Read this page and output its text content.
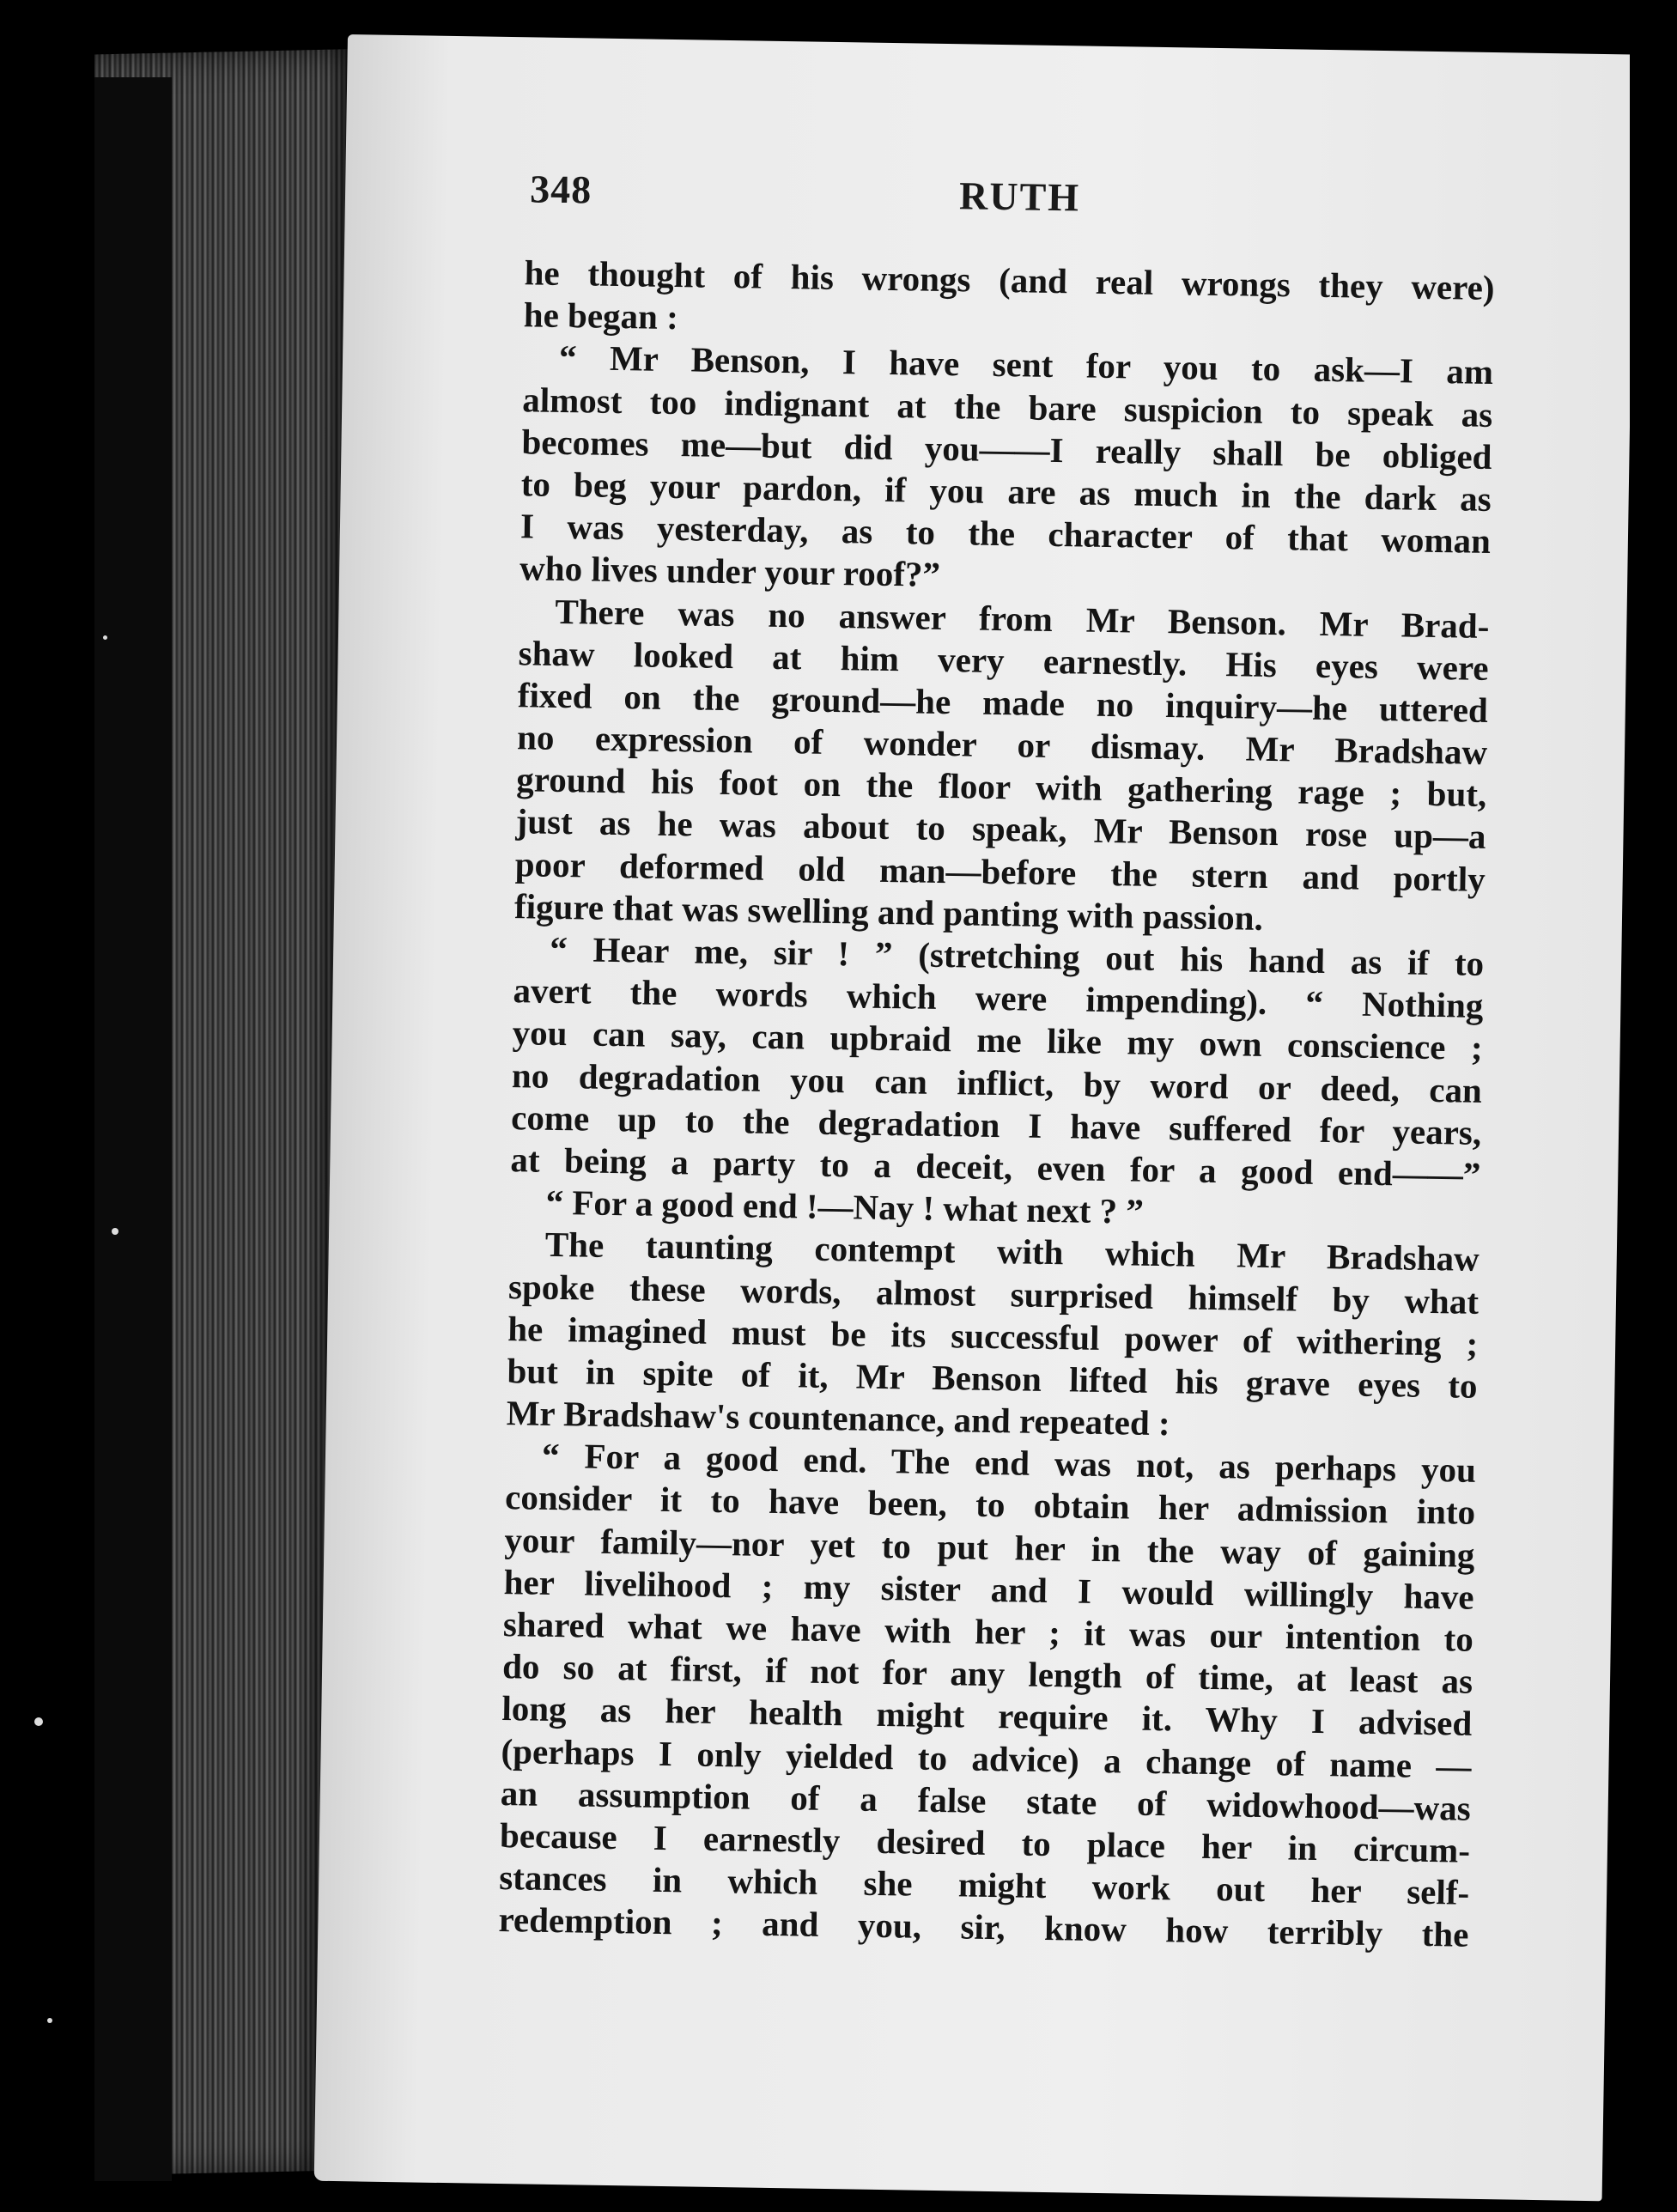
348	RUTH
he thought of his wrongs (and real wrongs they were)
he began :
“ Mr Benson, I have sent for you to ask—I am
almost too indignant at the bare suspicion to speak as
becomes me—but did you——I really shall be obliged
to beg your pardon, if you are as much in the dark as
I was yesterday, as to the character of that woman
who lives under your roof?”
There was no answer from Mr Benson. Mr Brad-
shaw looked at him very earnestly. His eyes were
fixed on the ground—he made no inquiry—he uttered
no expression of wonder or dismay. Mr Bradshaw
ground his foot on the floor with gathering rage ; but,
just as he was about to speak, Mr Benson rose up—a
poor deformed old man—before the stern and portly
figure that was swelling and panting with passion.
“ Hear me, sir ! ” (stretching out his hand as if to
avert the words which were impending). “ Nothing
you can say, can upbraid me like my own conscience ;
no degradation you can inflict, by word or deed, can
come up to the degradation I have suffered for years,
at being a party to a deceit, even for a good end——”
“ For a good end !—Nay ! what next ? ”
The taunting contempt with which Mr Bradshaw
spoke these words, almost surprised himself by what
he imagined must be its successful power of withering ;
but in spite of it, Mr Benson lifted his grave eyes to
Mr Bradshaw's countenance, and repeated :
“ For a good end. The end was not, as perhaps you
consider it to have been, to obtain her admission into
your family—nor yet to put her in the way of gaining
her livelihood ; my sister and I would willingly have
shared what we have with her ; it was our intention to
do so at first, if not for any length of time, at least as
long as her health might require it. Why I advised
(perhaps I only yielded to advice) a change of name —
an assumption of a false state of widowhood—was
because I earnestly desired to place her in circum-
stances in which she might work out her self-
redemption ; and you, sir, know how terribly the
